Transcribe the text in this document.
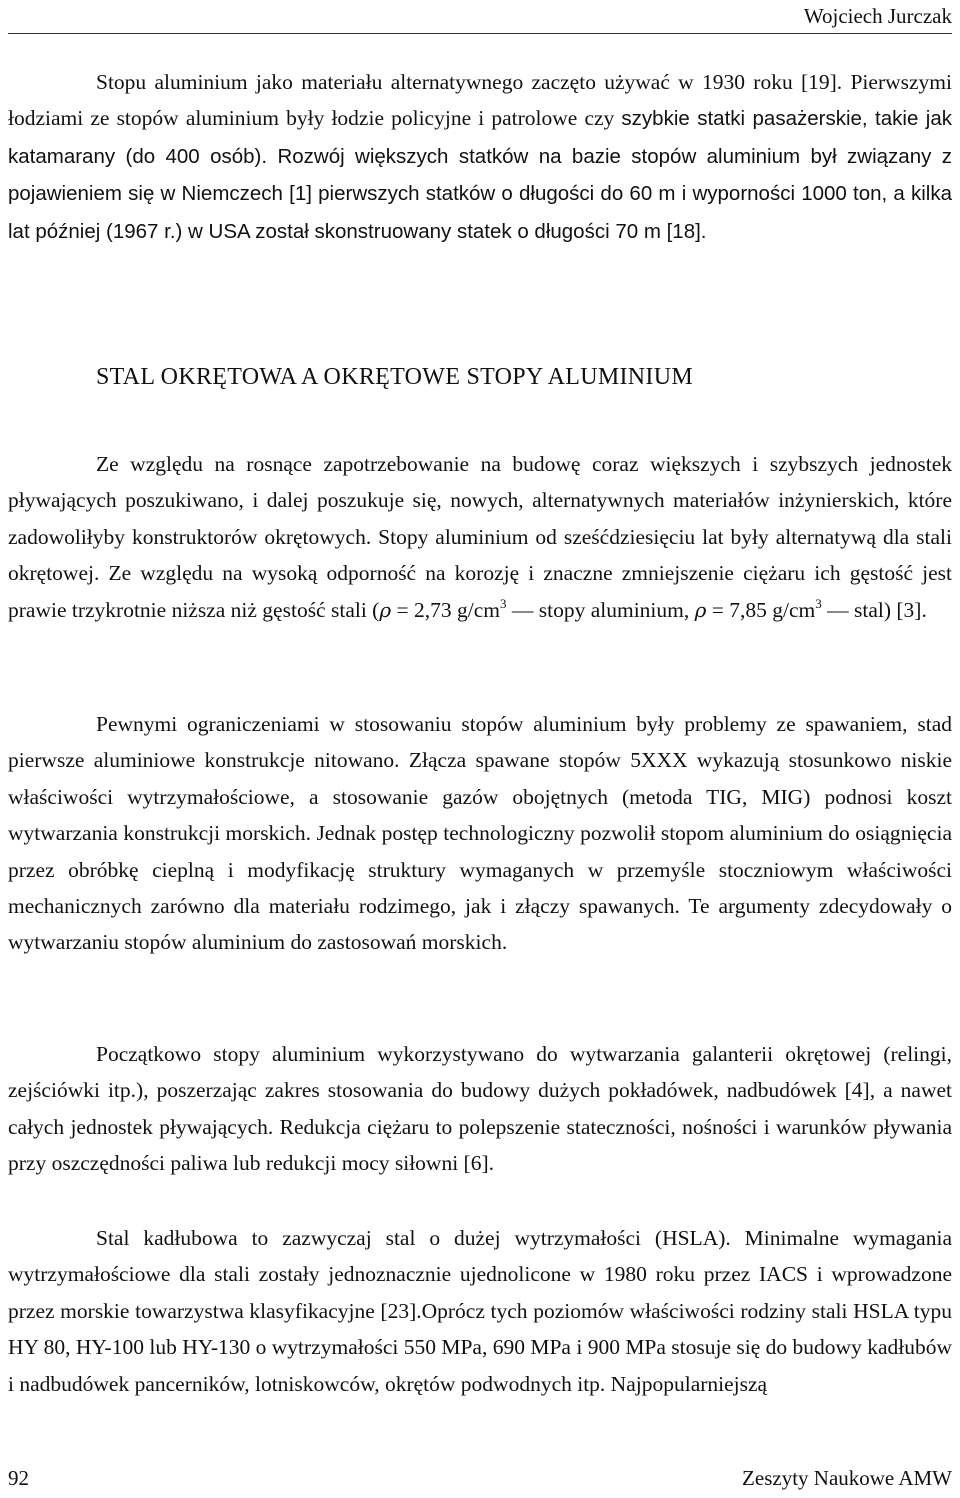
Wojciech Jurczak

Stopu aluminium jako materiału alternatywnego zaczęto używać w 1930 roku [19]. Pierwszymi łodziami ze stopów aluminium były łodzie policyjne i patrolowe czy szybkie statki pasażerskie, takie jak katamarany (do 400 osób). Rozwój większych statków na bazie stopów aluminium był związany z pojawieniem się w Niemczech [1] pierwszych statków o długości do 60 m i wyporności 1000 ton, a kilka lat później (1967 r.) w USA został skonstruowany statek o długości 70 m [18].

STAL OKRĘTOWA A OKRĘTOWE STOPY ALUMINIUM

Ze względu na rosnące zapotrzebowanie na budowę coraz większych i szybszych jednostek pływających poszukiwano, i dalej poszukuje się, nowych, alternatywnych materiałów inżynierskich, które zadowoliłyby konstruktorów okrętowych. Stopy aluminium od sześćdziesięciu lat były alternatywą dla stali okrętowej. Ze względu na wysoką odporność na korozję i znaczne zmniejszenie ciężaru ich gęstość jest prawie trzykrotnie niższa niż gęstość stali (ρ = 2,73 $g/cm^3$ — stopy aluminium, ρ = 7,85 $g/cm^3$ — stal) [3].

Pewnymi ograniczeniami w stosowaniu stopów aluminium były problemy ze spawaniem, stad pierwsze aluminiowe konstrukcje nitowano. Złącza spawane stopów 5XXX wykazują stosunkowo niskie właściwości wytrzymałościowe, a stosowanie gazów obojętnych (metoda TIG, MIG) podnosi koszt wytwarzania konstrukcji morskich. Jednak postęp technologiczny pozwolił stopom aluminium do osiągnięcia przez obróbkę cieplną i modyfikację struktury wymaganych w przemyśle stoczniowym właściwości mechanicznych zarówno dla materiału rodzimego, jak i złączy spawanych. Te argumenty zdecydowały o wytwarzaniu stopów aluminium do zastosowań morskich.

Początkowo stopy aluminium wykorzystywano do wytwarzania galanterii okrętowej (relingi, zejściówki itp.), poszerzając zakres stosowania do budowy dużych pokładówek, nadbudówek [4], a nawet całych jednostek pływających. Redukcja ciężaru to polepszenie stateczności, nośności i warunków pływania przy oszczędności paliwa lub redukcji mocy siłowni [6].

Stal kadłubowa to zazwyczaj stal o dużej wytrzymałości (HSLA). Minimalne wymagania wytrzymałościowe dla stali zostały jednoznacznie ujednolicone w 1980 roku przez IACS i wprowadzone przez morskie towarzystwa klasyfikacyjne [23].Oprócz tych poziomów właściwości rodziny stali HSLA typu HY 80, HY-100 lub HY-130 o wytrzymałości 550 MPa, 690 MPa i 900 MPa stosuje się do budowy kadłubów i nadbudówek pancerników, lotniskowców, okrętów podwodnych itp. Najpopularniejszą

92	Zeszyty Naukowe AMW
